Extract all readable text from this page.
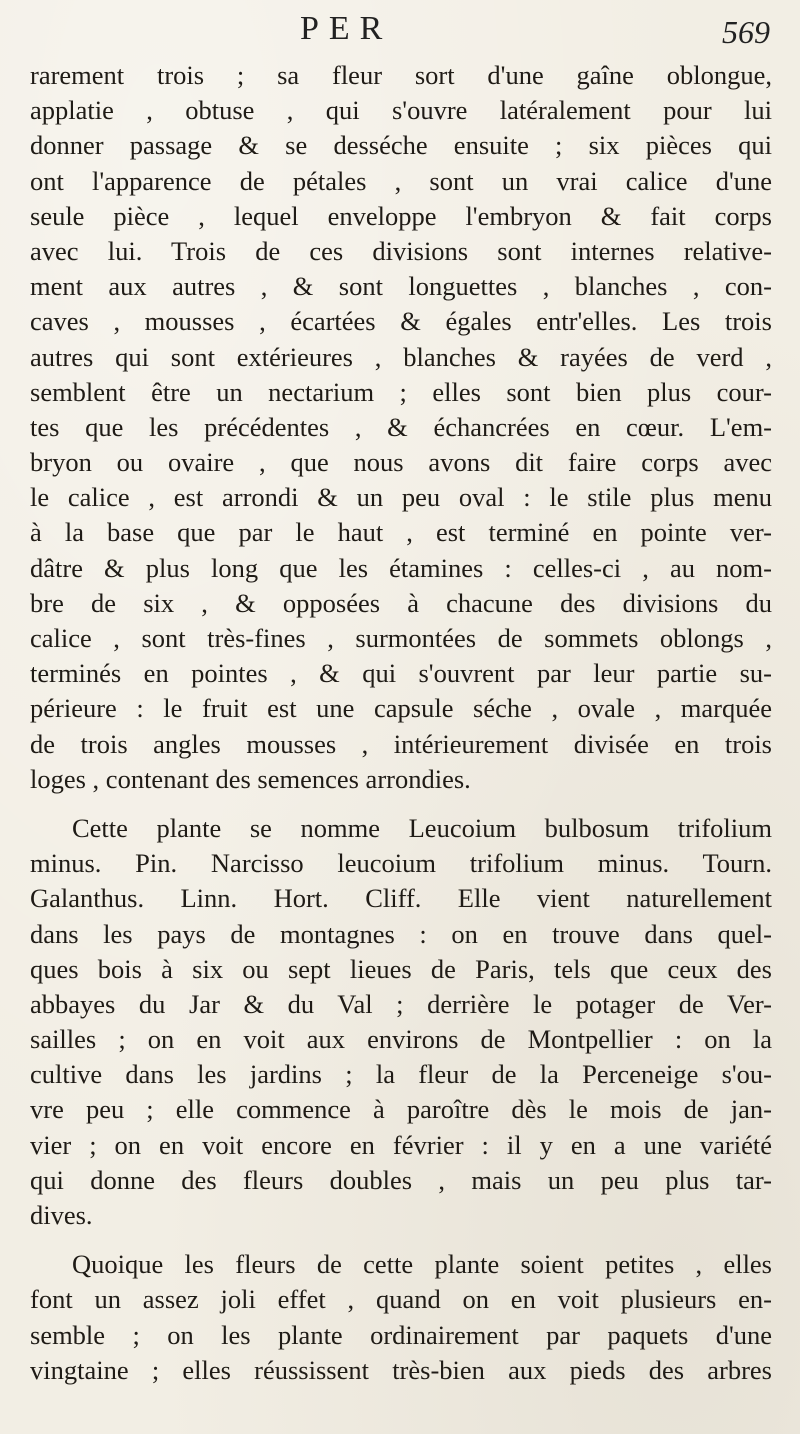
PER	569
rarement trois ; sa fleur sort d'une gaîne oblongue,
applatie , obtuse , qui s'ouvre latéralement pour lui
donner passage & se desséche ensuite ; six pièces qui
ont l'apparence de pétales , sont un vrai calice d'une
seule pièce , lequel enveloppe l'embryon & fait corps
avec lui. Trois de ces divisions sont internes relative-
ment aux autres , & sont longuettes , blanches , con-
caves , mousses , écartées & égales entr'elles. Les trois
autres qui sont extérieures , blanches & rayées de verd ,
semblent être un nectarium ; elles sont bien plus cour-
tes que les précédentes , & échancrées en cœur. L'em-
bryon ou ovaire , que nous avons dit faire corps avec
le calice , est arrondi & un peu oval : le stile plus menu
à la base que par le haut , est terminé en pointe ver-
dâtre & plus long que les étamines : celles-ci , au nom-
bre de six , & opposées à chacune des divisions du
calice , sont très-fines , surmontées de sommets oblongs ,
terminés en pointes , & qui s'ouvrent par leur partie su-
périeure : le fruit est une capsule séche , ovale , marquée
de trois angles mousses , intérieurement divisée en trois
loges , contenant des semences arrondies.
Cette plante se nomme Leucoium bulbosum trifolium
minus. Pin. Narcisso leucoium trifolium minus. Tourn.
Galanthus. Linn. Hort. Cliff. Elle vient naturellement
dans les pays de montagnes : on en trouve dans quel-
ques bois à six ou sept lieues de Paris, tels que ceux des
abbayes du Jar & du Val ; derrière le potager de Ver-
sailles ; on en voit aux environs de Montpellier : on la
cultive dans les jardins ; la fleur de la Perceneige s'ou-
vre peu ; elle commence à paroître dès le mois de jan-
vier ; on en voit encore en février : il y en a une variété
qui donne des fleurs doubles , mais un peu plus tar-
dives.
Quoique les fleurs de cette plante soient petites , elles
font un assez joli effet , quand on en voit plusieurs en-
semble ; on les plante ordinairement par paquets d'une
vingtaine ; elles réussissent très-bien aux pieds des arbres
